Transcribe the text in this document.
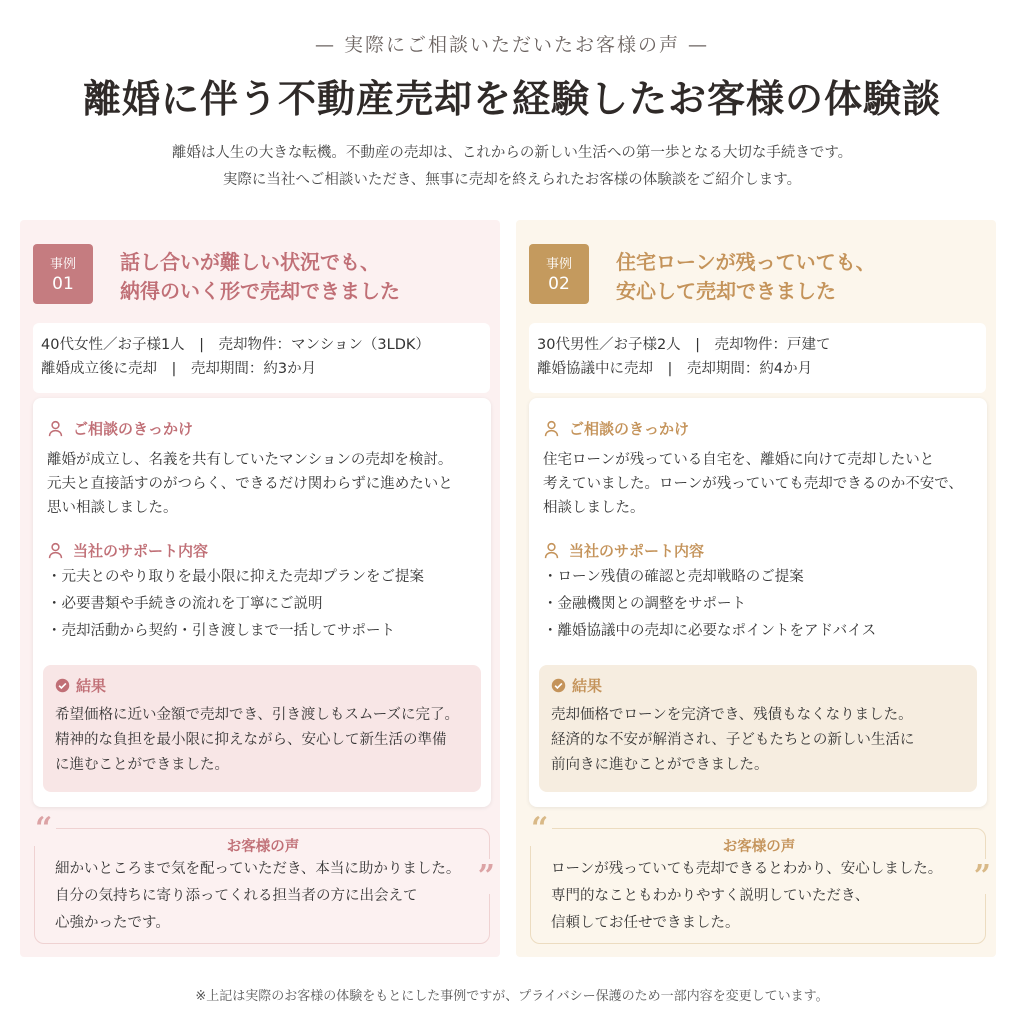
— 実際にご相談いただいたお客様の声 —
離婚に伴う不動産売却を経験したお客様の体験談
離婚は人生の大きな転機。不動産の売却は、これからの新しい生活への第一歩となる大切な手続きです。
実際に当社へご相談いただき、無事に売却を終えられたお客様の体験談をご紹介します。
事例
01
話し合いが難しい状況でも、
納得のいく形で売却できました
40代女性／お子様1人　|　売却物件：マンション（3LDK）
離婚成立後に売却　|　売却期間：約3か月
ご相談のきっかけ
離婚が成立し、名義を共有していたマンションの売却を検討。
元夫と直接話すのがつらく、できるだけ関わらずに進めたいと
思い相談しました。
当社のサポート内容
・ 元夫とのやり取りを最小限に抑えた売却プランをご提案
・ 必要書類や手続きの流れを丁寧にご説明
・ 売却活動から契約・引き渡しまで一括してサポート
結果
希望価格に近い金額で売却でき、引き渡しもスムーズに完了。
精神的な負担を最小限に抑えながら、安心して新生活の準備
に進むことができました。
“
お客様の声
細かいところまで気を配っていただき、本当に助かりました。
自分の気持ちに寄り添ってくれる担当者の方に出会えて
心強かったです。
”
事例
02
住宅ローンが残っていても、
安心して売却できました
30代男性／お子様2人　|　売却物件：戸建て
離婚協議中に売却　|　売却期間：約4か月
ご相談のきっかけ
住宅ローンが残っている自宅を、離婚に向けて売却したいと
考えていました。ローンが残っていても売却できるのか不安で、
相談しました。
当社のサポート内容
・ ローン残債の確認と売却戦略のご提案
・ 金融機関との調整をサポート
・ 離婚協議中の売却に必要なポイントをアドバイス
結果
売却価格でローンを完済でき、残債もなくなりました。
経済的な不安が解消され、子どもたちとの新しい生活に
前向きに進むことができました。
“
お客様の声
ローンが残っていても売却できるとわかり、安心しました。
専門的なこともわかりやすく説明していただき、
信頼してお任せできました。
”
※上記は実際のお客様の体験をもとにした事例ですが、プライバシー保護のため一部内容を変更しています。
